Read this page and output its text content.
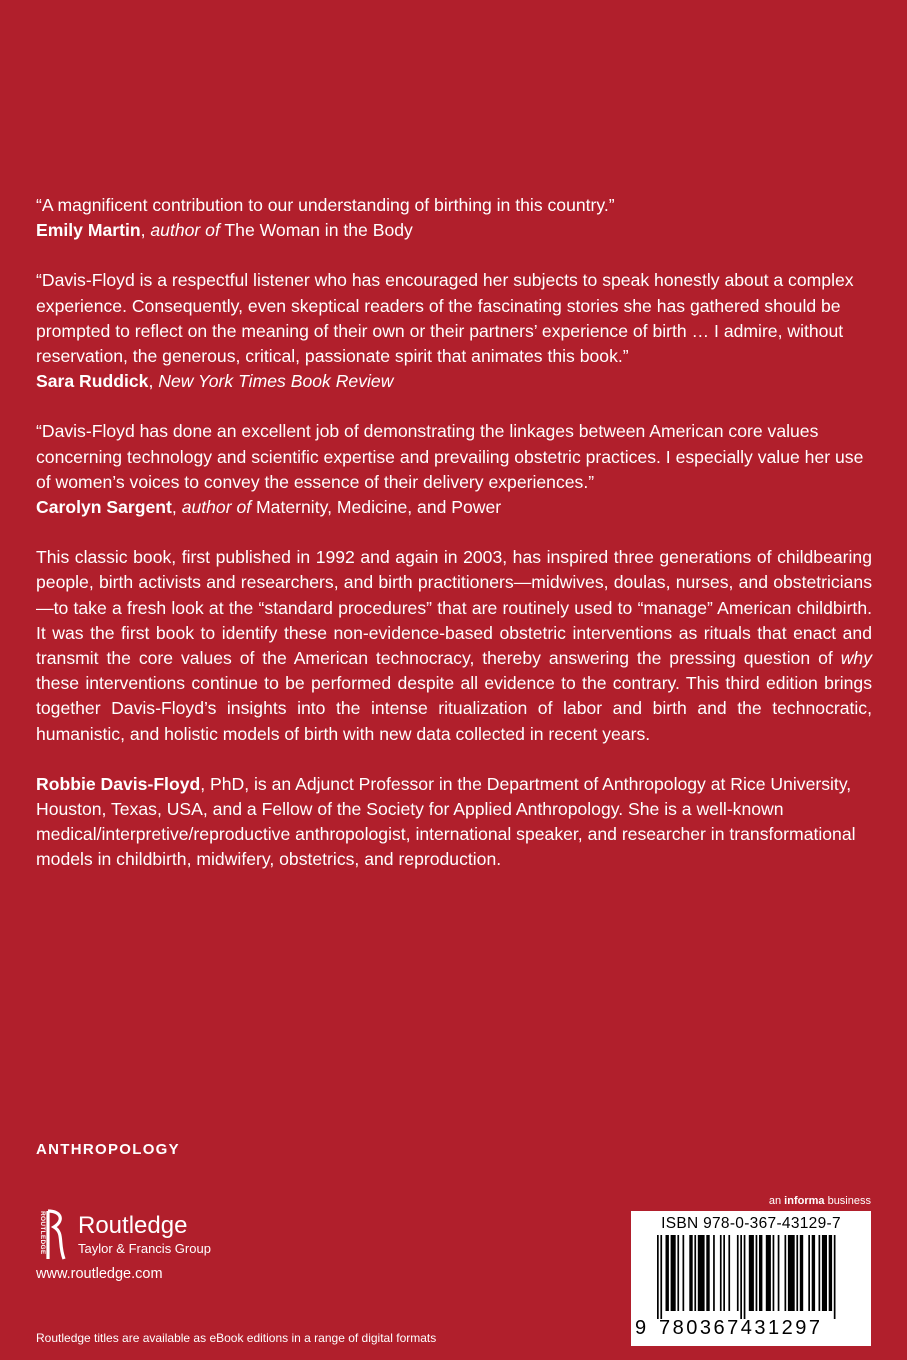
“A magnificent contribution to our understanding of birthing in this country.”

Emily Martin, author of The Woman in the Body

“Davis-Floyd is a respectful listener who has encouraged her subjects to speak honestly about a complex experience. Consequently, even skeptical readers of the fascinating stories she has gathered should be prompted to reflect on the meaning of their own or their partners’ experience of birth … I admire, without reservation, the generous, critical, passionate spirit that animates this book.”

Sara Ruddick, New York Times Book Review

“Davis-Floyd has done an excellent job of demonstrating the linkages between American core values concerning technology and scientific expertise and prevailing obstetric practices. I especially value her use of women’s voices to convey the essence of their delivery experiences.”

Carolyn Sargent, author of Maternity, Medicine, and Power

This classic book, first published in 1992 and again in 2003, has inspired three generations of childbearing people, birth activists and researchers, and birth practitioners—midwives, doulas, nurses, and obstetricians—to take a fresh look at the “standard procedures” that are routinely used to “manage” American childbirth. It was the first book to identify these non-evidence-based obstetric interventions as rituals that enact and transmit the core values of the American technocracy, thereby answering the pressing question of why these interventions continue to be performed despite all evidence to the contrary. This third edition brings together Davis-Floyd’s insights into the intense ritualization of labor and birth and the technocratic, humanistic, and holistic models of birth with new data collected in recent years.

Robbie Davis-Floyd, PhD, is an Adjunct Professor in the Department of Anthropology at Rice University, Houston, Texas, USA, and a Fellow of the Society for Applied Anthropology. She is a well-known medical/interpretive/reproductive anthropologist, international speaker, and researcher in transformational models in childbirth, midwifery, obstetrics, and reproduction.

ANTHROPOLOGY
ROUTLEDGE Routledge
Taylor & Francis Group
www.routledge.com
Routledge titles are available as eBook editions in a range of digital formats
an informa business
ISBN 978-0-367-43129-7
9 780367431297
